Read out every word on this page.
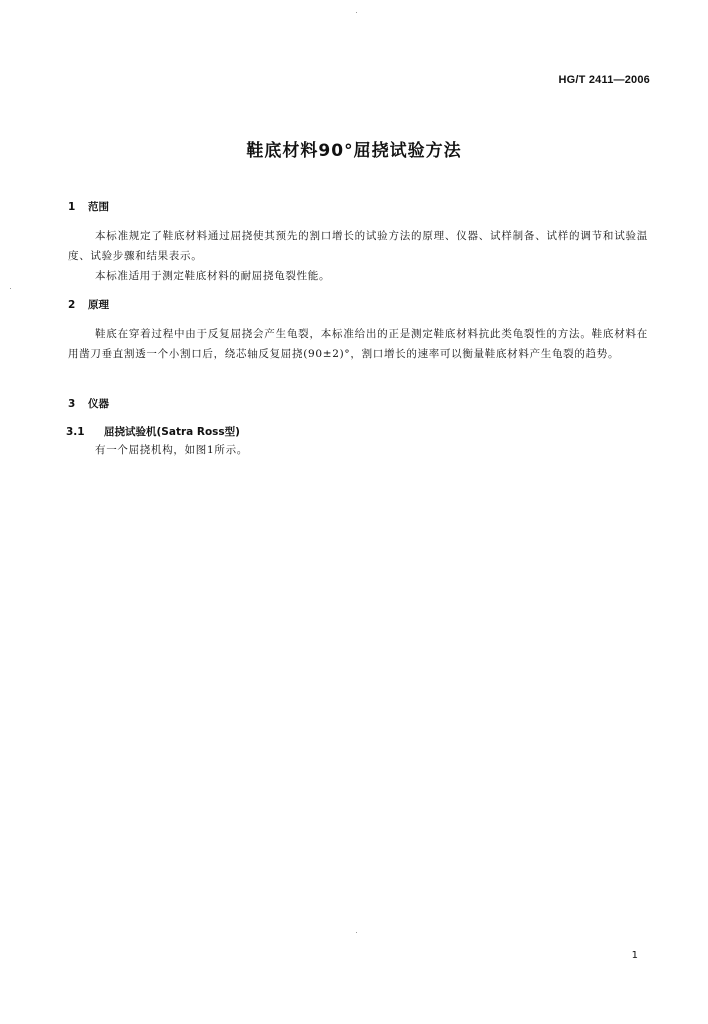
HG/T 2411—2006
鞋底材料90°屈挠试验方法
1 范围
本标准规定了鞋底材料通过屈挠使其预先的割口增长的试验方法的原理、仪器、试样制备、试样的调节和试验温度、试验步骤和结果表示。
本标准适用于测定鞋底材料的耐屈挠龟裂性能。
2 原理
鞋底在穿着过程中由于反复屈挠会产生龟裂，本标准给出的正是测定鞋底材料抗此类龟裂性的方法。鞋底材料在用凿刀垂直割透一个小割口后，绕芯轴反复屈挠(90±2)°，割口增长的速率可以衡量鞋底材料产生龟裂的趋势。
3 仪器
3.1 屈挠试验机(Satra Ross型)
有一个屈挠机构，如图1所示。
1
